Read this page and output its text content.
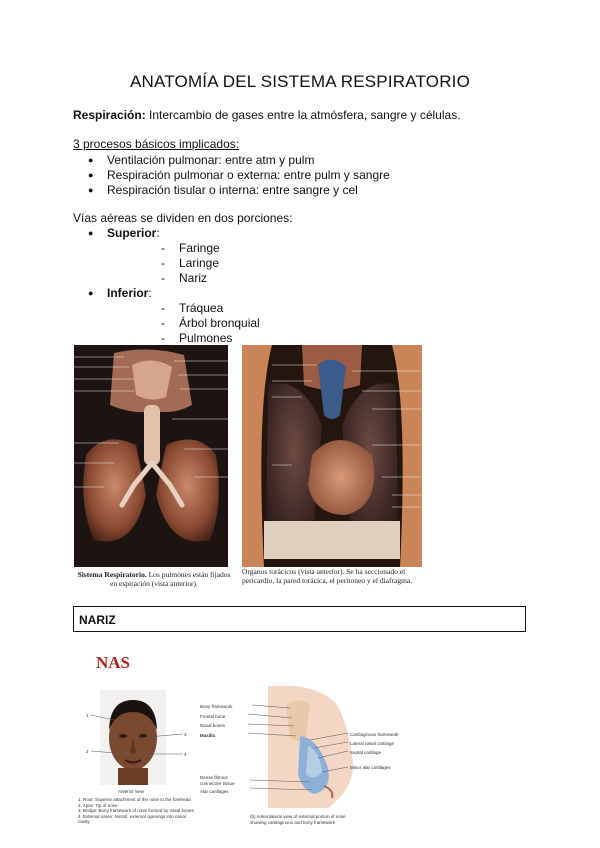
ANATOMÍA DEL SISTEMA RESPIRATORIO
Respiración: Intercambio de gases entre la atmósfera, sangre y células.
3 procesos básicos implicados:
● Ventilación pulmonar: entre atm y pulm
● Respiración pulmonar o externa: entre pulm y sangre
● Respiración tisular o interna: entre sangre y cel
Vías aéreas se dividen en dos porciones:
● Superior:
- Faringe
- Laringe
- Nariz
● Inferior:
- Tráquea
- Árbol bronquial
- Pulmones
Sistema Respiratorio. Los pulmones están fijados en espiración (vista anterior).
Órganos torácicos (vista anterior). Se ha seccionado el pericardio, la pared torácica, el peritoneo y el diafragma.
NARIZ
NAS
1
2
3
4
Anterior view
1. Root: Superior attachment of the nose to the forehead
2. Apex: Tip of nose
3. Bridge: Bony framework of nose formed by nasal bones
4. External nares: Nostril; external openings into nasal cavity
Bony framework
Frontal bone
Nasal bones
Maxilla
Dense fibrous connective tissue
Alar cartilages
Cartilaginous framework
Lateral nasal cartilage
Septal cartilage
Minor alar cartilages
(b) Anterolateral view of external portion of nose showing cartilaginous and bony framework
